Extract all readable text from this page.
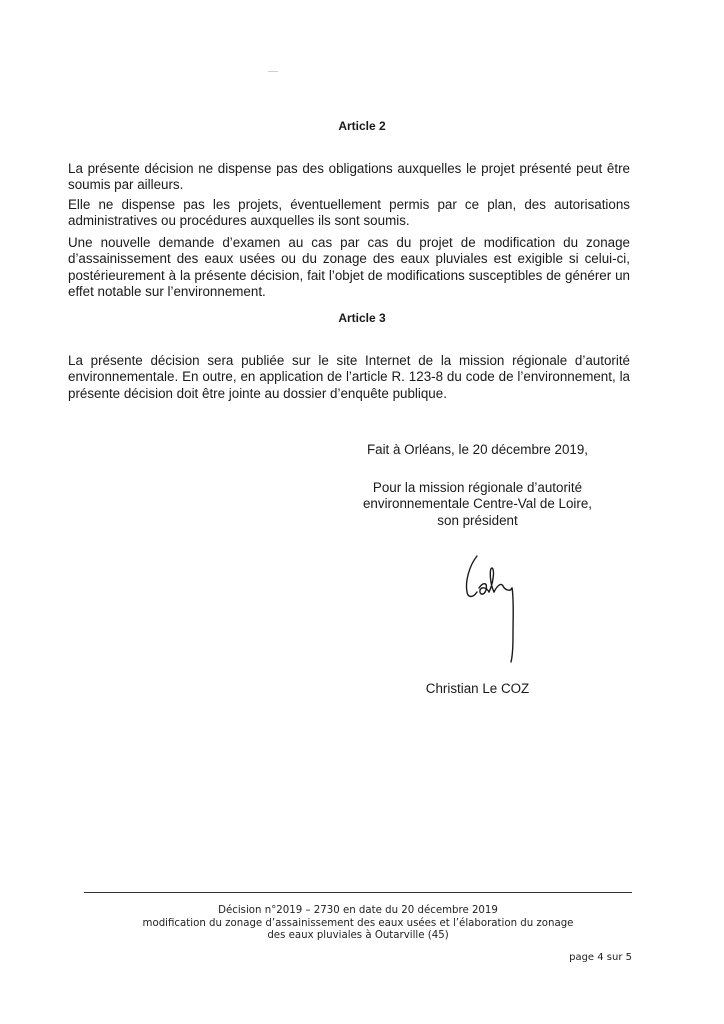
Article 2

La présente décision ne dispense pas des obligations auxquelles le projet présenté peut être soumis par ailleurs.

Elle ne dispense pas les projets, éventuellement permis par ce plan, des autorisations administratives ou procédures auxquelles ils sont soumis.

Une nouvelle demande d’examen au cas par cas du projet de modification du zonage d’assainissement des eaux usées ou du zonage des eaux pluviales est exigible si celui-ci, postérieurement à la présente décision, fait l’objet de modifications susceptibles de générer un effet notable sur l’environnement.

Article 3

La présente décision sera publiée sur le site Internet de la mission régionale d’autorité environnementale. En outre, en application de l’article R. 123-8 du code de l’environnement, la présente décision doit être jointe au dossier d’enquête publique.

Fait à Orléans, le 20 décembre 2019,
Pour la mission régionale d’autorité
environnementale Centre-Val de Loire,
son président
Christian Le COZ
Décision n°2019 – 2730 en date du 20 décembre 2019
modification du zonage d’assainissement des eaux usées et l’élaboration du zonage
des eaux pluviales à Outarville (45)
page 4 sur 5
